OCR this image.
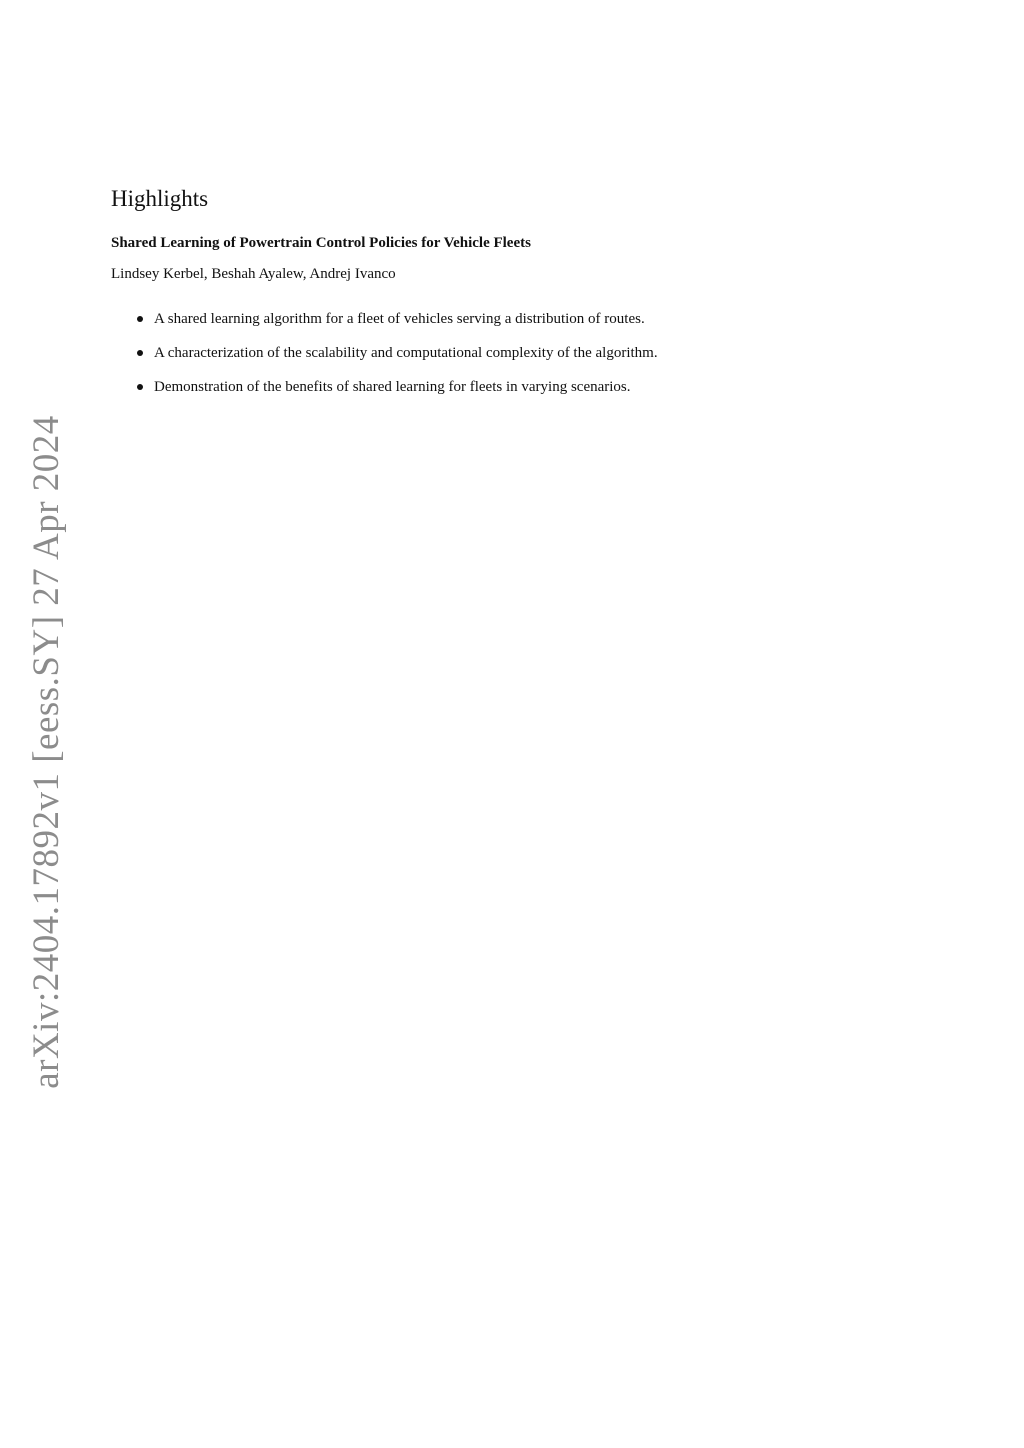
arXiv:2404.17892v1 [eess.SY] 27 Apr 2024
Highlights

Shared Learning of Powertrain Control Policies for Vehicle Fleets

Lindsey Kerbel, Beshah Ayalew, Andrej Ivanco

A shared learning algorithm for a fleet of vehicles serving a distribution of routes.
A characterization of the scalability and computational complexity of the algorithm.
Demonstration of the benefits of shared learning for fleets in varying scenarios.
